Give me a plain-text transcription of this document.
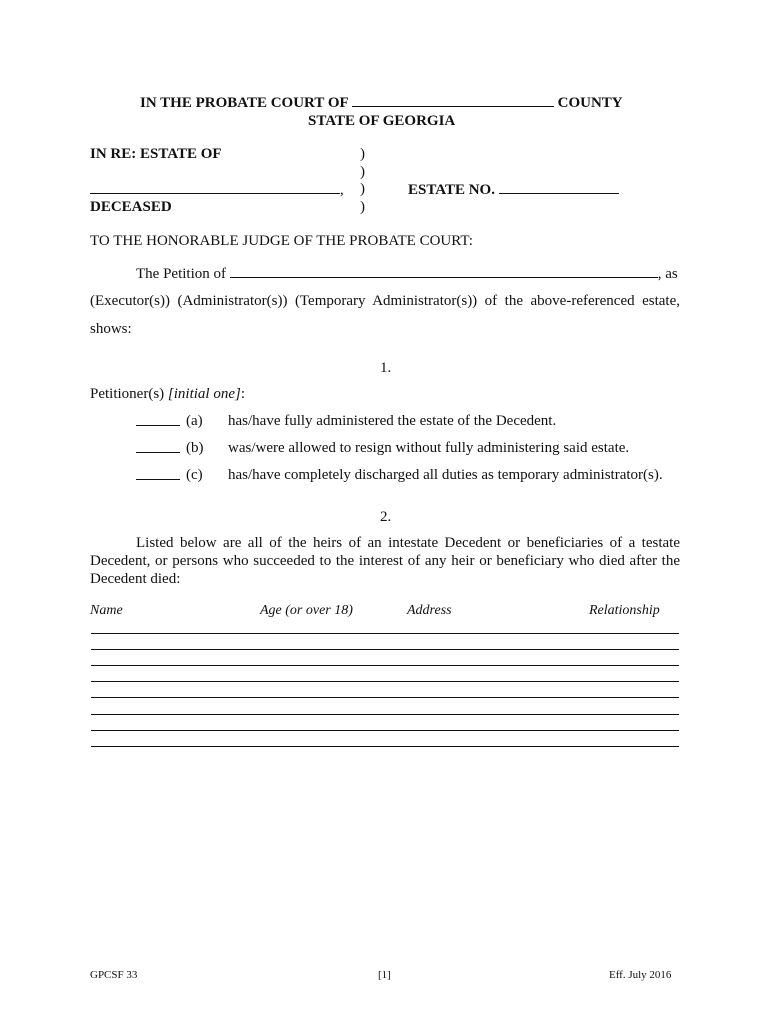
IN THE PROBATE COURT OF	COUNTY
STATE OF GEORGIA
IN RE: ESTATE OF	)
)
, )	ESTATE NO.
DECEASED	)
TO THE HONORABLE JUDGE OF THE PROBATE COURT:
The Petition of	, as
(Executor(s)) (Administrator(s)) (Temporary Administrator(s)) of the above-referenced estate,
shows:
1.
Petitioner(s) [initial one]:
(a) has/have fully administered the estate of the Decedent.
(b) was/were allowed to resign without fully administering said estate.
(c) has/have completely discharged all duties as temporary administrator(s).
2.
Listed below are all of the heirs of an intestate Decedent or beneficiaries of a testate
Decedent, or persons who succeeded to the interest of any heir or beneficiary who died after the
Decedent died:
Name	Age (or over 18)	Address	Relationship
GPCSF 33	[1]	Eff. July 2016
